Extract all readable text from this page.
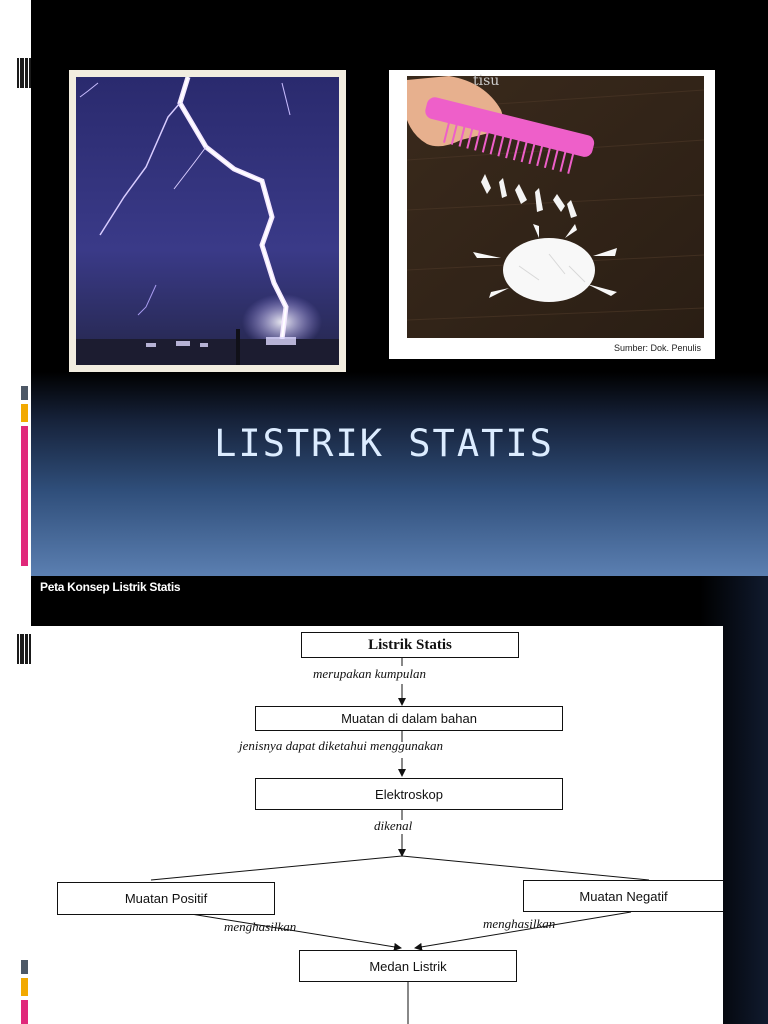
Sumber: Dok. Penulis
tisu
LISTRIK STATIS
Peta Konsep Listrik Statis
Listrik Statis
merupakan kumpulan
Muatan di dalam bahan
jenisnya dapat diketahui menggunakan
Elektroskop
dikenal
Muatan Positif	Muatan Negatif
menghasilkan	menghasilkan
Medan Listrik
